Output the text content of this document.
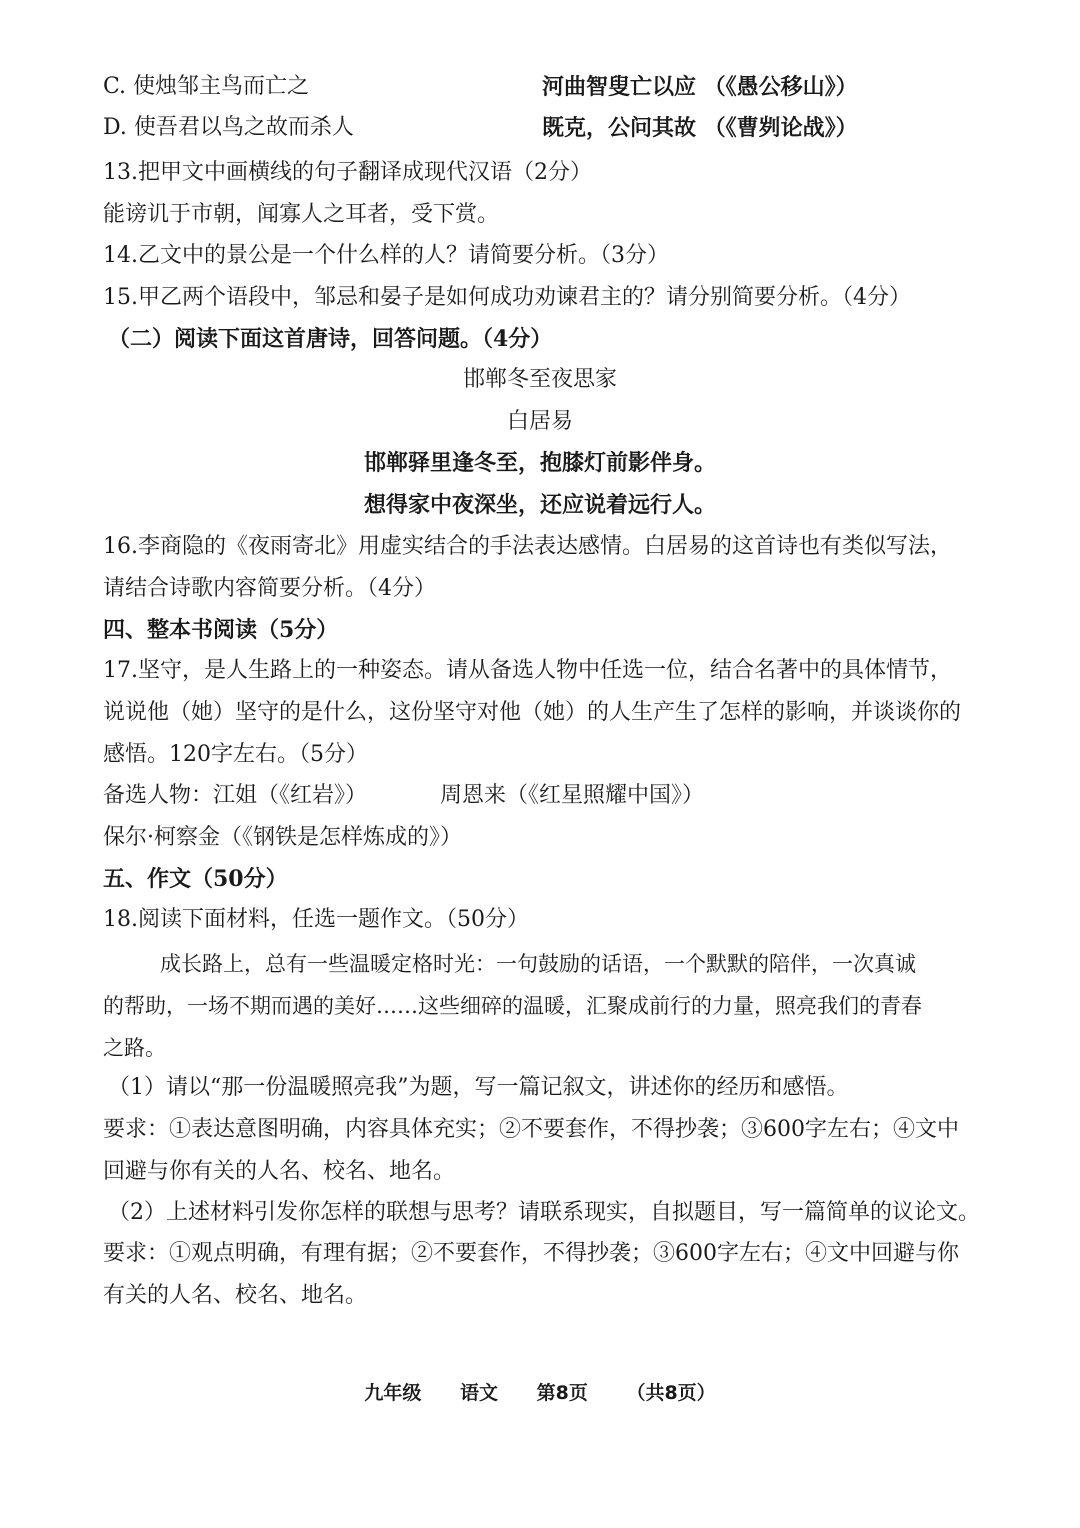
C. 使烛邹主鸟而亡之	河曲智叟亡以应 （《愚公移山》）
D. 使吾君以鸟之故而杀人	既克，公问其故 （《曹刿论战》）
13.把甲文中画横线的句子翻译成现代汉语（2分）
能谤讥于市朝，闻寡人之耳者，受下赏。
14.乙文中的景公是一个什么样的人？请简要分析。（3分）
15.甲乙两个语段中，邹忌和晏子是如何成功劝谏君主的？请分别简要分析。（4分）
（二）阅读下面这首唐诗，回答问题。（4分）
邯郸冬至夜思家
白居易
邯郸驿里逢冬至，抱膝灯前影伴身。
想得家中夜深坐，还应说着远行人。
16.李商隐的《夜雨寄北》用虚实结合的手法表达感情。白居易的这首诗也有类似写法，
请结合诗歌内容简要分析。（4分）
四、整本书阅读（5分）
17.坚守，是人生路上的一种姿态。请从备选人物中任选一位，结合名著中的具体情节，
说说他（她）坚守的是什么，这份坚守对他（她）的人生产生了怎样的影响，并谈谈你的
感悟。120字左右。（5分）
备选人物：江姐（《红岩》）	周恩来（《红星照耀中国》）
保尔·柯察金（《钢铁是怎样炼成的》）
五、作文（50分）
18.阅读下面材料，任选一题作文。（50分）
成长路上，总有一些温暖定格时光：一句鼓励的话语，一个默默的陪伴，一次真诚
的帮助，一场不期而遇的美好……这些细碎的温暖，汇聚成前行的力量，照亮我们的青春
之路。
（1）请以“那一份温暖照亮我”为题，写一篇记叙文，讲述你的经历和感悟。
要求：①表达意图明确，内容具体充实；②不要套作，不得抄袭；③600字左右；④文中
回避与你有关的人名、校名、地名。
（2）上述材料引发你怎样的联想与思考？请联系现实，自拟题目，写一篇简单的议论文。
要求：①观点明确，有理有据；②不要套作，不得抄袭；③600字左右；④文中回避与你
有关的人名、校名、地名。
九年级 语文 第8页 （共8页）
